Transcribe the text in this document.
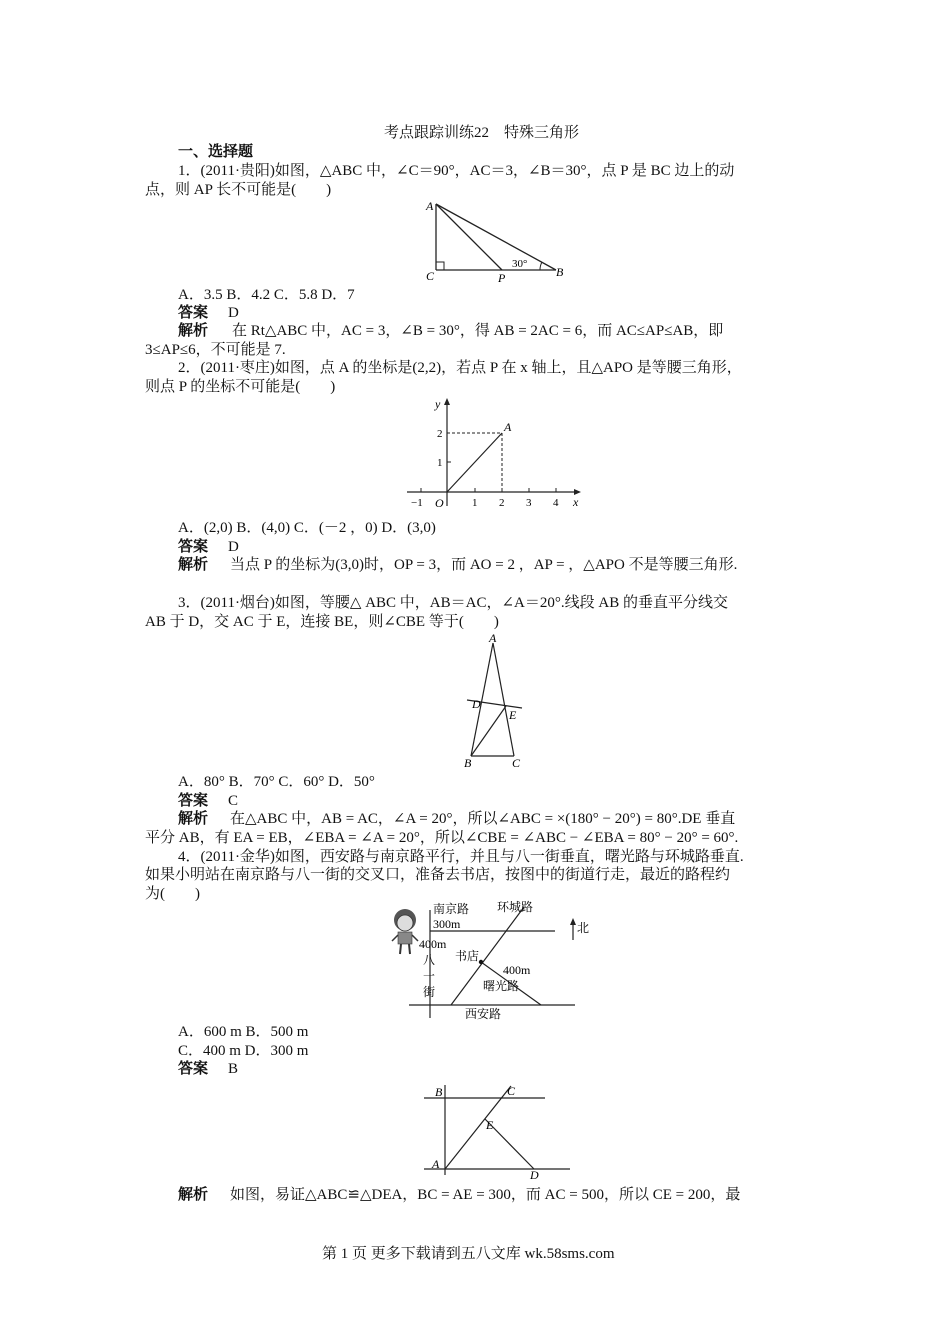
考点跟踪训练22　特殊三角形
一、选择题
1．(2011·贵阳)如图，△ABC 中，∠C＝90°，AC＝3，∠B＝30°，点 P 是 BC 边上的动
点，则 AP 长不可能是(　　)
A
C	P	B
30°
A．3.5 B．4.2 C．5.8 D．7
答案 D
解析 在 Rt△ABC 中，AC = 3，∠B = 30°，得 AB = 2AC = 6，而 AC≤AP≤AB，即
3≤AP≤6，不可能是 7.
2．(2011·枣庄)如图，点 A 的坐标是(2,2)，若点 P 在 x 轴上，且△APO 是等腰三角形，
则点 P 的坐标不可能是(　　)
y
x
O
A
−1	1 2 3 4
1
2
A．(2,0) B．(4,0) C．(－2 ，0) D．(3,0)
答案 D
解析 当点 P 的坐标为(3,0)时，OP = 3，而 AO = 2 ，AP = ，△APO 不是等腰三角形.
3．(2011·烟台)如图，等腰△ ABC 中，AB＝AC，∠A＝20°.线段 AB 的垂直平分线交
AB 于 D，交 AC 于 E，连接 BE，则∠CBE 等于(　　)
A
D
E
B	C
A．80° B．70° C．60° D．50°
答案 C
解析 在△ABC 中，AB = AC，∠A = 20°，所以∠ABC = ×(180° − 20°) = 80°.DE 垂直
平分 AB，有 EA = EB，∠EBA = ∠A = 20°，所以∠CBE = ∠ABC − ∠EBA = 80° − 20° = 60°.
4．(2011·金华)如图，西安路与南京路平行，并且与八一街垂直，曙光路与环城路垂直.
如果小明站在南京路与八一街的交叉口，准备去书店，按图中的街道行走，最近的路程约
为(　　)
南京路 环城路
300m	北
400m
八
一
街
书店
400m
曙光路
西安路
A．600 m B．500 m
C．400 m D．300 m
答案 B
B	C
E
A
D
解析 如图，易证△ABC≌△DEA，BC = AE = 300，而 AC = 500，所以 CE = 200，最
第 1 页 更多下载请到五八文库 wk.58sms.com
